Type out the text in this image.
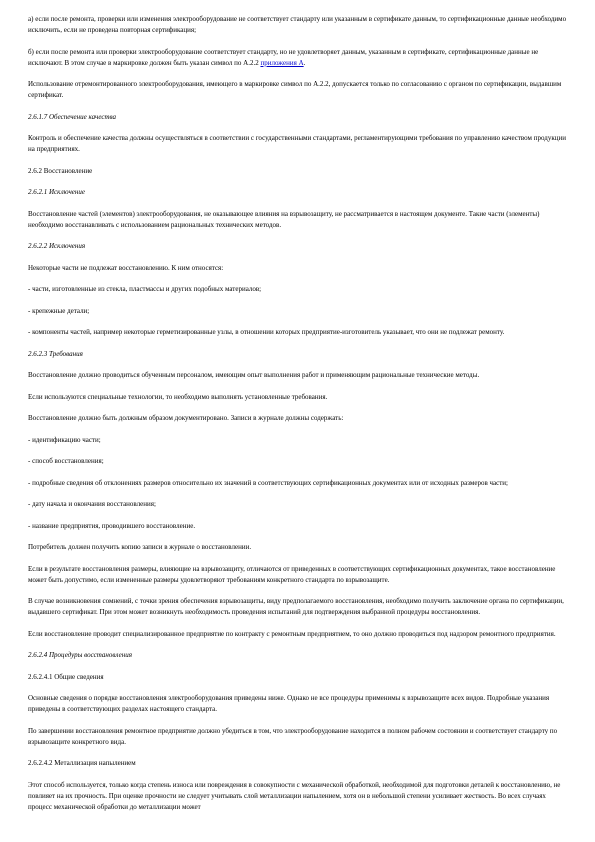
а) если после ремонта, проверки или изменения электрооборудование не соответствует стандарту или указанным в сертификате данным, то сертификационные данные необходимо исключить, если не проведена повторная сертификация;

б) если после ремонта или проверки электрооборудование соответствует стандарту, но не удовлетворяет данным, указанным в сертификате, сертификационные данные не исключают. В этом случае в маркировке должен быть указан символ по А.2.2 приложения А.

Использование отремонтированного электрооборудования, имеющего в маркировке символ по А.2.2, допускается только по согласованию с органом по сертификации, выдавшим сертификат.

2.6.1.7 Обеспечение качества

Контроль и обеспечение качества должны осуществляться в соответствии с государственными стандартами, регламентирующими требования по управлению качеством продукции на предприятиях.

2.6.2 Восстановление

2.6.2.1 Исключение

Восстановление частей (элементов) электрооборудования, не оказывающее влияния на взрывозащиту, не рассматривается в настоящем документе. Такие части (элементы) необходимо восстанавливать с использованием рациональных технических методов.

2.6.2.2 Исключения

Некоторые части не подлежат восстановлению. К ним относятся:

- части, изготовленные из стекла, пластмассы и других подобных материалов;

- крепежные детали;

- компоненты частей, например некоторые герметизированные узлы, в отношении которых предприятие-изготовитель указывает, что они не подлежат ремонту.

2.6.2.3 Требования

Восстановление должно проводиться обученным персоналом, имеющим опыт выполнения работ и применяющим рациональные технические методы.

Если используются специальные технологии, то необходимо выполнять установленные требования.

Восстановление должно быть должным образом документировано. Записи в журнале должны содержать:

- идентификацию части;

- способ восстановления;

- подробные сведения об отклонениях размеров относительно их значений в соответствующих сертификационных документах или от исходных размеров части;

- дату начала и окончания восстановления;

- название предприятия, проводившего восстановление.

Потребитель должен получить копию записи в журнале о восстановлении.

Если в результате восстановления размеры, влияющие на взрывозащиту, отличаются от приведенных в соответствующих сертификационных документах, такое восстановление может быть допустимо, если измененные размеры удовлетворяют требованиям конкретного стандарта по взрывозащите.

В случае возникновения сомнений, с точки зрения обеспечения взрывозащиты, виду предполагаемого восстановления, необходимо получить заключение органа по сертификации, выдавшего сертификат. При этом может возникнуть необходимость проведения испытаний для подтверждения выбранной процедуры восстановления.

Если восстановление проводит специализированное предприятие по контракту с ремонтным предприятием, то оно должно проводиться под надзором ремонтного предприятия.

2.6.2.4 Процедуры восстановления

2.6.2.4.1 Общие сведения

Основные сведения о порядке восстановления электрооборудования приведены ниже. Однако не все процедуры применимы к взрывозащите всех видов. Подробные указания приведены в соответствующих разделах настоящего стандарта.

По завершении восстановления ремонтное предприятие должно убедиться в том, что электрооборудование находится в полном рабочем состоянии и соответствует стандарту по взрывозащите конкретного вида.

2.6.2.4.2 Металлизация напылением

Этот способ используется, только когда степень износа или повреждения в совокупности с механической обработкой, необходимой для подготовки деталей к восстановлению, не повлияет на их прочность. При оценке прочности не следует учитывать слой металлизации напылением, хотя он в небольшой степени усиливает жесткость. Во всех случаях процесс механической обработки до металлизации может
